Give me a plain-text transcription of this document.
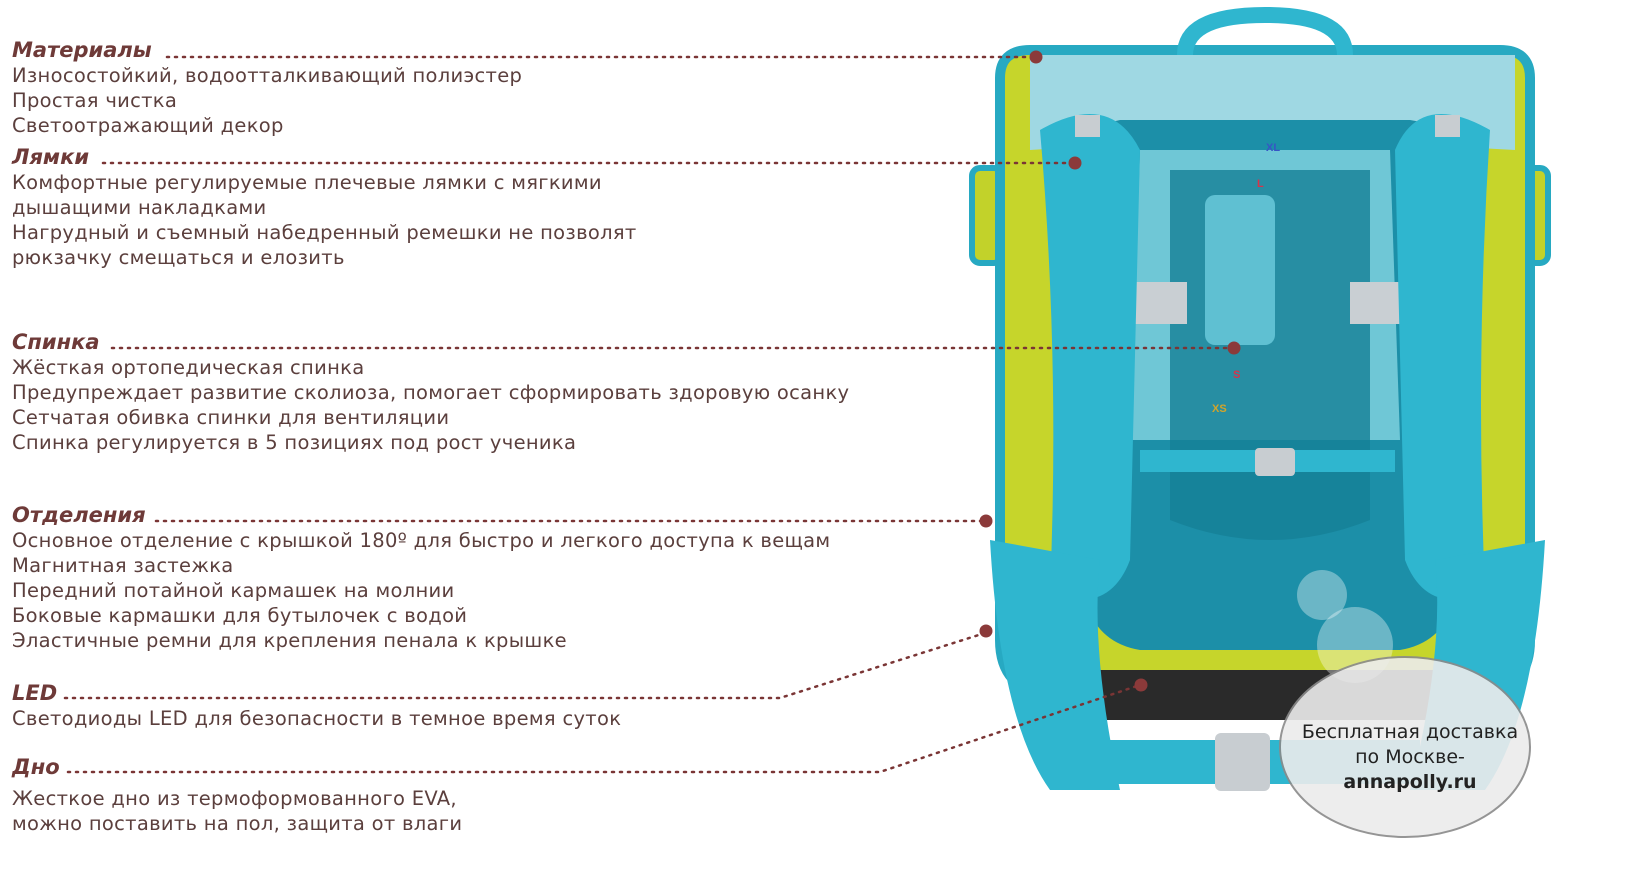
XL
L
S
XS
Материалы
Износостойкий, водоотталкивающий полиэстер
Простая чистка
Светоотражающий декор
Лямки
Комфортные регулируемые плечевые лямки с мягкими
дышащими накладками
Нагрудный и съемный набедренный ремешки не позволят
рюкзачку смещаться и елозить
Спинка
Жёсткая ортопедическая спинка
Предупреждает развитие сколиоза, помогает сформировать здоровую осанку
Сетчатая обивка спинки для вентиляции
Спинка регулируется в 5 позициях под рост ученика
Отделения
Основное отделение с крышкой 180º для быстро и легкого доступа к вещам
Магнитная застежка
Передний потайной кармашек на молнии
Боковые кармашки для бутылочек с водой
Эластичные ремни для крепления пенала к крышке
LED
Светодиоды LED для безопасности в темное время суток
Дно
Жесткое дно из термоформованного EVA,
можно поставить на пол, защита от влаги
Бесплатная доставка
по Москве-
annapolly.ru
